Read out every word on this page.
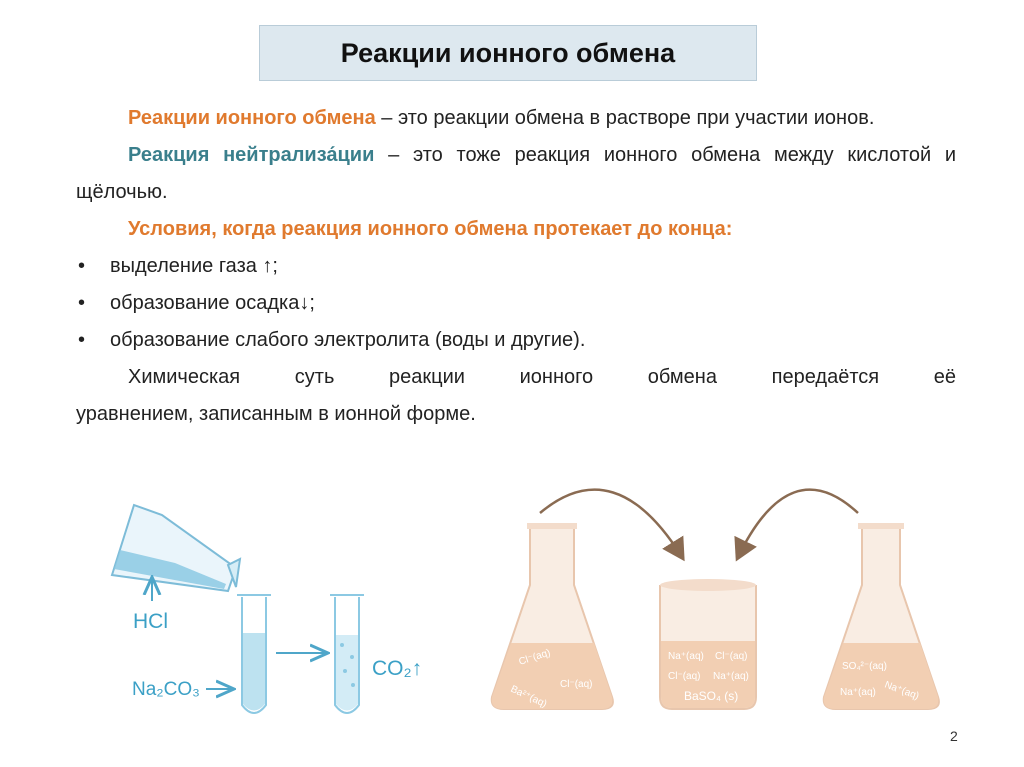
Реакции ионного обмена

Реакции ионного обмена – это реакции обмена в растворе при участии ионов.

Реакция нейтрализа́ции – это тоже реакция ионного обмена между кислотой и щёлочью.

Условия, когда реакция ионного обмена протекает до конца:

• выделение газа ↑;
• образование осадка↓;
• образование слабого электролита (воды и другие).

Химическая суть реакции ионного обмена передаётся её

уравнением, записанным в ионной форме.

HCl
Na₂CO₃
CO₂↑	Cl⁻(aq)
Ba²⁺(aq) Cl⁻(aq)
Na⁺(aq) Cl⁻(aq)
Cl⁻(aq) Na⁺(aq)
BaSO₄ (s)
SO₄²⁻(aq)
Na⁺(aq) Na⁺(aq)
2
